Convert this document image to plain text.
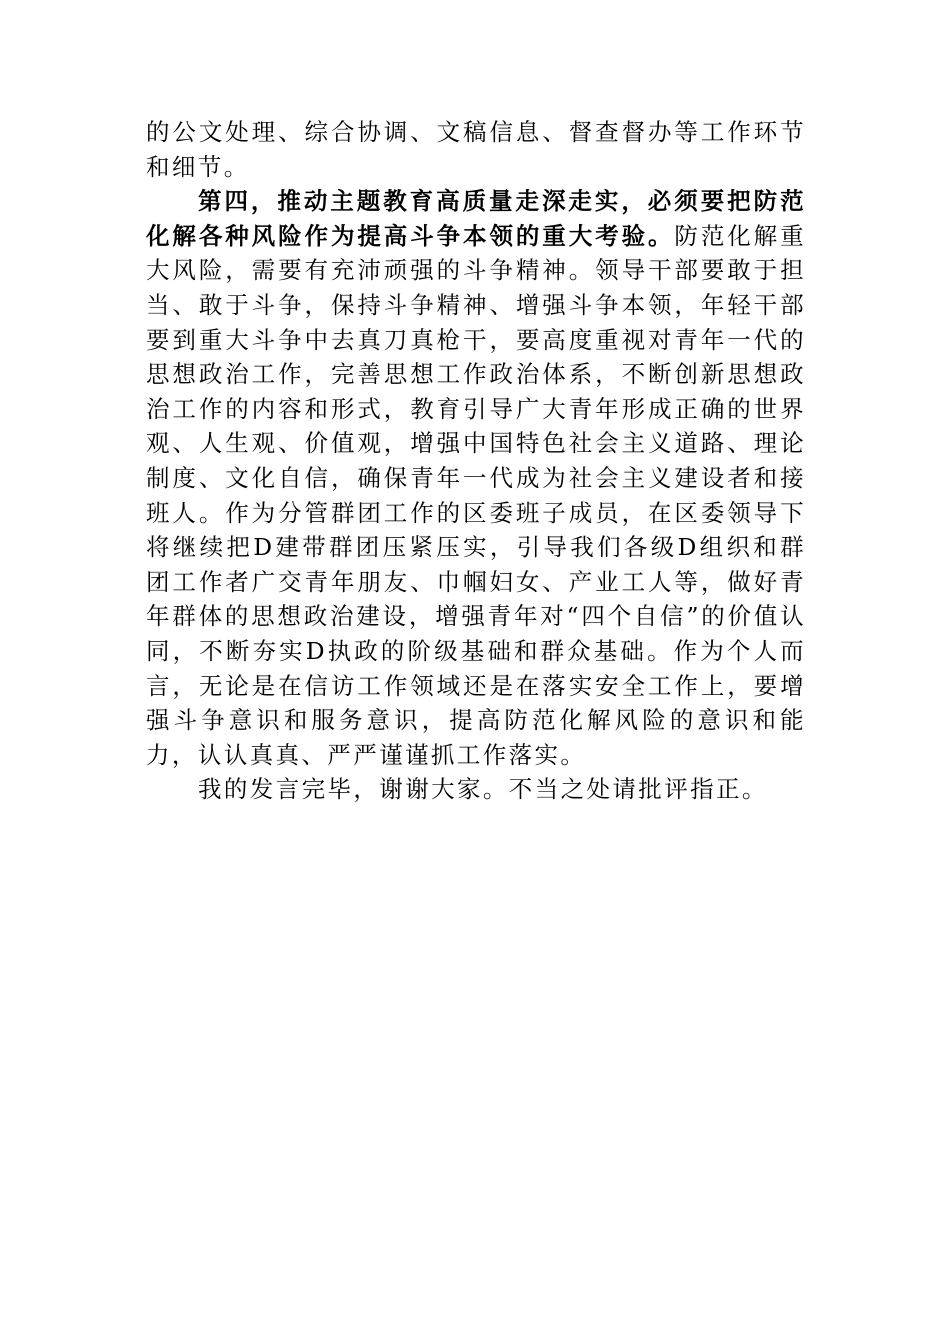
的公文处理、综合协调、文稿信息、督查督办等工作环节和细节。

第四，推动主题教育高质量走深走实，必须要把防范化解各种风险作为提高斗争本领的重大考验。防范化解重大风险，需要有充沛顽强的斗争精神。领导干部要敢于担当、敢于斗争，保持斗争精神、增强斗争本领，年轻干部要到重大斗争中去真刀真枪干，要高度重视对青年一代的思想政治工作，完善思想工作政治体系，不断创新思想政治工作的内容和形式，教育引导广大青年形成正确的世界观、人生观、价值观，增强中国特色社会主义道路、理论制度、文化自信，确保青年一代成为社会主义建设者和接班人。作为分管群团工作的区委班子成员，在区委领导下将继续把D建带群团压紧压实，引导我们各级D组织和群团工作者广交青年朋友、巾帼妇女、产业工人等，做好青年群体的思想政治建设，增强青年对“四个自信”的价值认同，不断夯实D执政的阶级基础和群众基础。作为个人而言，无论是在信访工作领域还是在落实安全工作上，要增强斗争意识和服务意识，提高防范化解风险的意识和能力，认认真真、严严谨谨抓工作落实。

我的发言完毕，谢谢大家。不当之处请批评指正。
